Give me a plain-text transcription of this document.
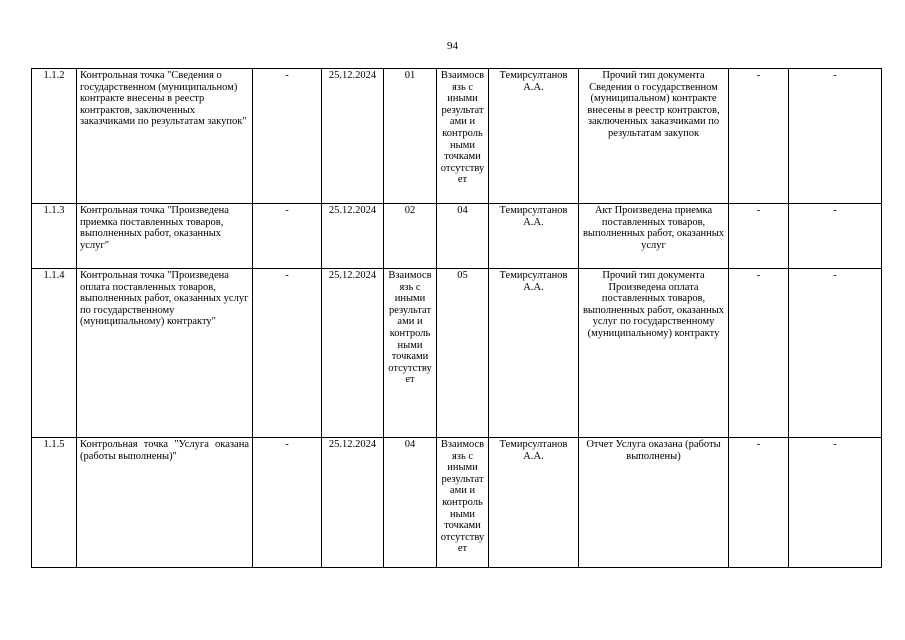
94
1.1.2	Контрольная точка "Сведения о государственном (муниципальном) контракте внесены в реестр контрактов, заключенных заказчиками по результатам закупок"	-	25.12.2024	01	Взаимосвязь с иными результатами и контрольными точками отсутствует	Темирсултанов А.А.	Прочий тип документа Сведения о государственном (муниципальном) контракте внесены в реестр контрактов, заключенных заказчиками по результатам закупок	-	-
1.1.3	Контрольная точка "Произведена приемка поставленных товаров, выполненных работ, оказанных услуг"	-	25.12.2024	02	04	Темирсултанов А.А.	Акт Произведена приемка поставленных товаров, выполненных работ, оказанных услуг	-	-
1.1.4	Контрольная точка "Произведена оплата поставленных товаров, выполненных работ, оказанных услуг по государственному (муниципальному) контракту"	-	25.12.2024	Взаимосвязь с иными результатами и контрольными точками отсутствует	05	Темирсултанов А.А.	Прочий тип документа Произведена оплата поставленных товаров, выполненных работ, оказанных услуг по государственному (муниципальному) контракту	-	-
1.1.5	Контрольная точка "Услуга оказана (работы выполнены)"	-	25.12.2024	04	Взаимосвязь с иными результатами и контрольными точками отсутствует	Темирсултанов А.А.	Отчет Услуга оказана (работы выполнены)	-	-
